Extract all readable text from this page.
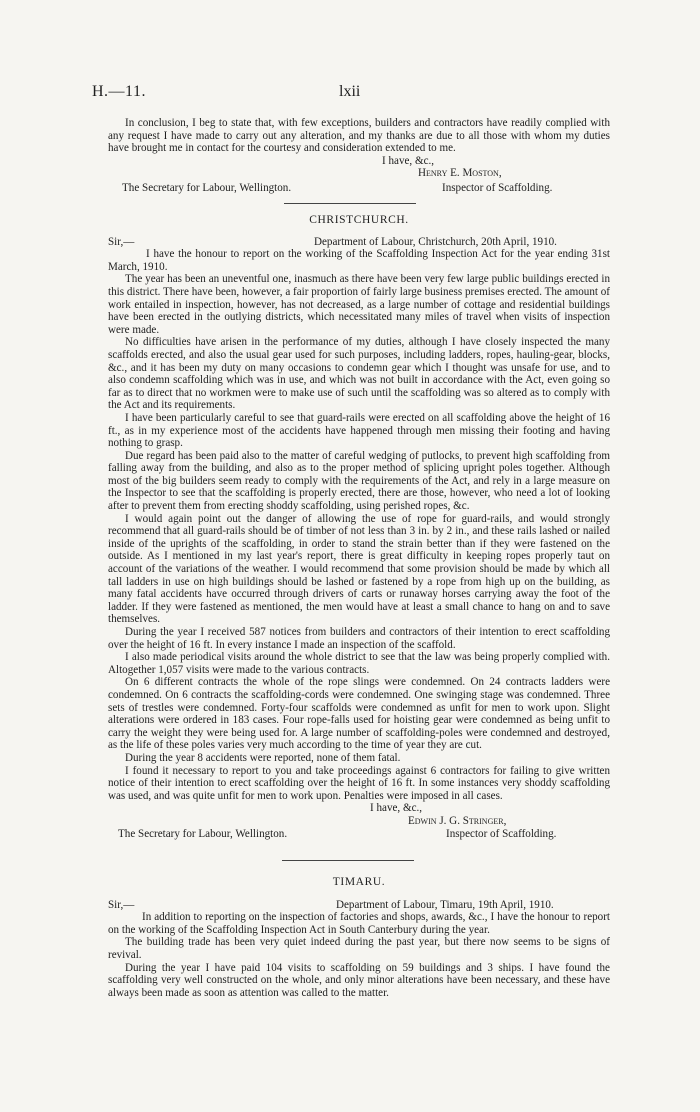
H.—11.	lxii

In conclusion, I beg to state that, with few exceptions, builders and contractors have readily complied with any request I have made to carry out any alteration, and my thanks are due to all those with whom my duties have brought me in contact for the courtesy and consideration extended to me.

I have, &c.,
Henry E. Moston,
The Secretary for Labour, Wellington.	Inspector of Scaffolding.

CHRISTCHURCH.

Sir,—	Department of Labour, Christchurch, 20th April, 1910.

I have the honour to report on the working of the Scaffolding Inspection Act for the year ending 31st March, 1910.

The year has been an uneventful one, inasmuch as there have been very few large public buildings erected in this district. There have been, however, a fair proportion of fairly large business premises erected. The amount of work entailed in inspection, however, has not decreased, as a large number of cottage and residential buildings have been erected in the outlying districts, which necessitated many miles of travel when visits of inspection were made.

No difficulties have arisen in the performance of my duties, although I have closely inspected the many scaffolds erected, and also the usual gear used for such purposes, including ladders, ropes, hauling-gear, blocks, &c., and it has been my duty on many occasions to condemn gear which I thought was unsafe for use, and to also condemn scaffolding which was in use, and which was not built in accordance with the Act, even going so far as to direct that no workmen were to make use of such until the scaffolding was so altered as to comply with the Act and its requirements.

I have been particularly careful to see that guard-rails were erected on all scaffolding above the height of 16 ft., as in my experience most of the accidents have happened through men missing their footing and having nothing to grasp.

Due regard has been paid also to the matter of careful wedging of putlocks, to prevent high scaffolding from falling away from the building, and also as to the proper method of splicing upright poles together. Although most of the big builders seem ready to comply with the requirements of the Act, and rely in a large measure on the Inspector to see that the scaffolding is properly erected, there are those, however, who need a lot of looking after to prevent them from erecting shoddy scaffolding, using perished ropes, &c.

I would again point out the danger of allowing the use of rope for guard-rails, and would strongly recommend that all guard-rails should be of timber of not less than 3 in. by 2 in., and these rails lashed or nailed inside of the uprights of the scaffolding, in order to stand the strain better than if they were fastened on the outside. As I mentioned in my last year's report, there is great difficulty in keeping ropes properly taut on account of the variations of the weather. I would recommend that some provision should be made by which all tall ladders in use on high buildings should be lashed or fastened by a rope from high up on the building, as many fatal accidents have occurred through drivers of carts or runaway horses carrying away the foot of the ladder. If they were fastened as mentioned, the men would have at least a small chance to hang on and to save themselves.

During the year I received 587 notices from builders and contractors of their intention to erect scaffolding over the height of 16 ft. In every instance I made an inspection of the scaffold.

I also made periodical visits around the whole district to see that the law was being properly complied with. Altogether 1,057 visits were made to the various contracts.

On 6 different contracts the whole of the rope slings were condemned. On 24 contracts ladders were condemned. On 6 contracts the scaffolding-cords were condemned. One swinging stage was condemned. Three sets of trestles were condemned. Forty-four scaffolds were condemned as unfit for men to work upon. Slight alterations were ordered in 183 cases. Four rope-falls used for hoisting gear were condemned as being unfit to carry the weight they were being used for. A large number of scaffolding-poles were condemned and destroyed, as the life of these poles varies very much according to the time of year they are cut.

During the year 8 accidents were reported, none of them fatal.

I found it necessary to report to you and take proceedings against 6 contractors for failing to give written notice of their intention to erect scaffolding over the height of 16 ft. In some instances very shoddy scaffolding was used, and was quite unfit for men to work upon. Penalties were imposed in all cases.

I have, &c.,
Edwin J. G. Stringer,
The Secretary for Labour, Wellington.	Inspector of Scaffolding.

TIMARU.

Sir,—	Department of Labour, Timaru, 19th April, 1910.

In addition to reporting on the inspection of factories and shops, awards, &c., I have the honour to report on the working of the Scaffolding Inspection Act in South Canterbury during the year.

The building trade has been very quiet indeed during the past year, but there now seems to be signs of revival.

During the year I have paid 104 visits to scaffolding on 59 buildings and 3 ships. I have found the scaffolding very well constructed on the whole, and only minor alterations have been necessary, and these have always been made as soon as attention was called to the matter.
